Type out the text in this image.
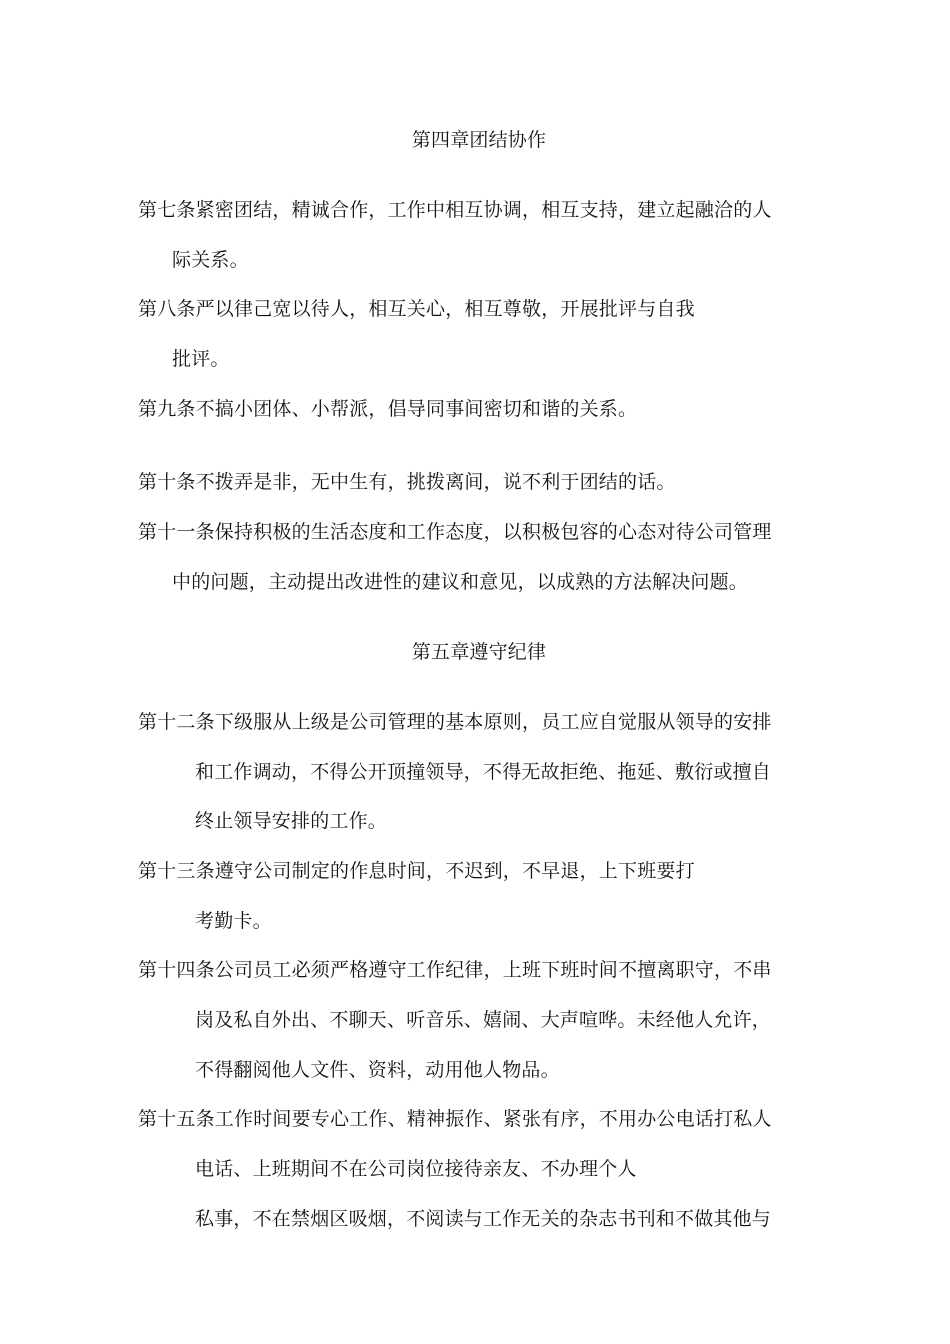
第四章团结协作
第七条紧密团结，精诚合作，工作中相互协调，相互支持，建立起融洽的人
际关系。
第八条严以律己宽以待人，相互关心，相互尊敬，开展批评与自我
批评。
第九条不搞小团体、小帮派，倡导同事间密切和谐的关系。
第十条不拨弄是非，无中生有，挑拨离间，说不利于团结的话。
第十一条保持积极的生活态度和工作态度，以积极包容的心态对待公司管理
中的问题，主动提出改进性的建议和意见，以成熟的方法解决问题。
第五章遵守纪律
第十二条下级服从上级是公司管理的基本原则，员工应自觉服从领导的安排
和工作调动，不得公开顶撞领导，不得无故拒绝、拖延、敷衍或擅自
终止领导安排的工作。
第十三条遵守公司制定的作息时间，不迟到，不早退，上下班要打
考勤卡。
第十四条公司员工必须严格遵守工作纪律，上班下班时间不擅离职守，不串
岗及私自外出、不聊天、听音乐、嬉闹、大声喧哗。未经他人允许，
不得翻阅他人文件、资料，动用他人物品。
第十五条工作时间要专心工作、精神振作、紧张有序，不用办公电话打私人
电话、上班期间不在公司岗位接待亲友、不办理个人
私事，不在禁烟区吸烟，不阅读与工作无关的杂志书刊和不做其他与
